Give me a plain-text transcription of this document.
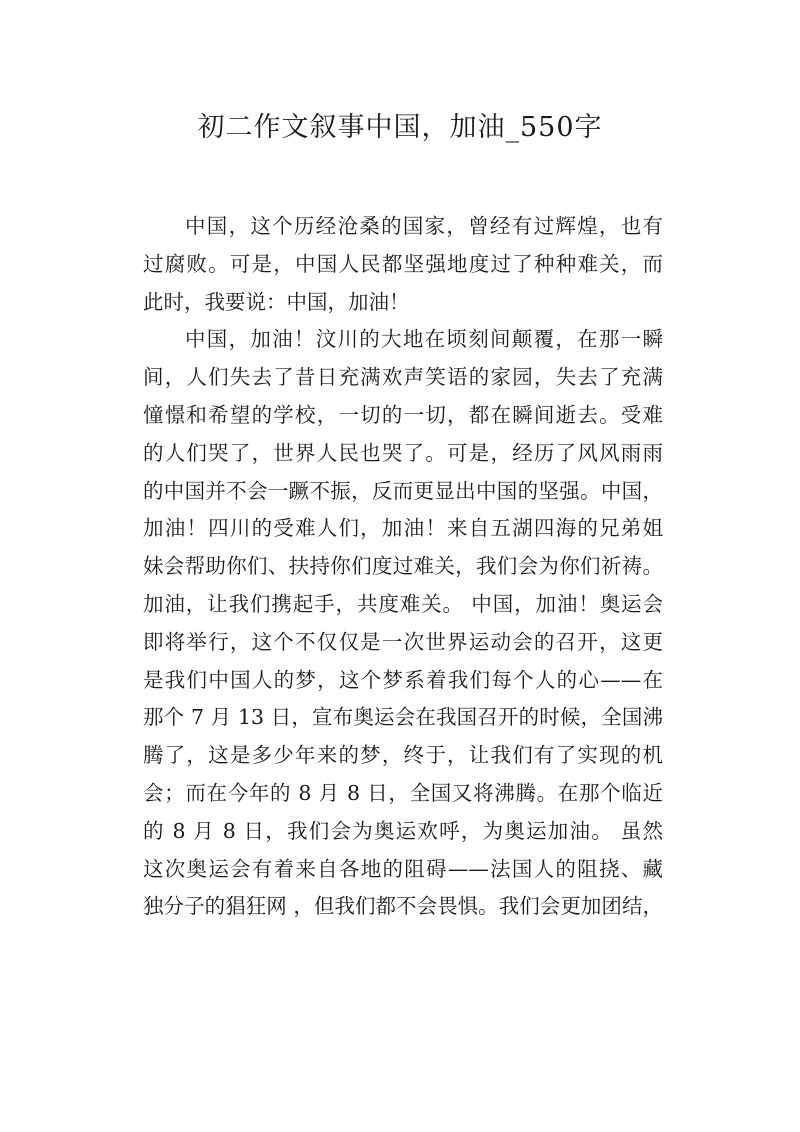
初二作文叙事中国，加油_550字
中国，这个历经沧桑的国家，曾经有过辉煌，也有
过腐败。可是，中国人民都坚强地度过了种种难关，而
此时，我要说：中国，加油！
中国，加油！汶川的大地在顷刻间颠覆，在那一瞬
间，人们失去了昔日充满欢声笑语的家园，失去了充满
憧憬和希望的学校，一切的一切，都在瞬间逝去。受难
的人们哭了，世界人民也哭了。可是，经历了风风雨雨
的中国并不会一蹶不振，反而更显出中国的坚强。中国，
加油！四川的受难人们，加油！来自五湖四海的兄弟姐
妹会帮助你们、扶持你们度过难关，我们会为你们祈祷。
加油，让我们携起手，共度难关。 中国，加油！奥运会
即将举行，这个不仅仅是一次世界运动会的召开，这更
是我们中国人的梦，这个梦系着我们每个人的心——在
那个 7 月 13 日，宣布奥运会在我国召开的时候，全国沸
腾了，这是多少年来的梦，终于，让我们有了实现的机
会；而在今年的 8 月 8 日，全国又将沸腾。在那个临近
的 8 月 8 日，我们会为奥运欢呼，为奥运加油。 虽然
这次奥运会有着来自各地的阻碍——法国人的阻挠、藏
独分子的猖狂网 ，但我们都不会畏惧。我们会更加团结，
